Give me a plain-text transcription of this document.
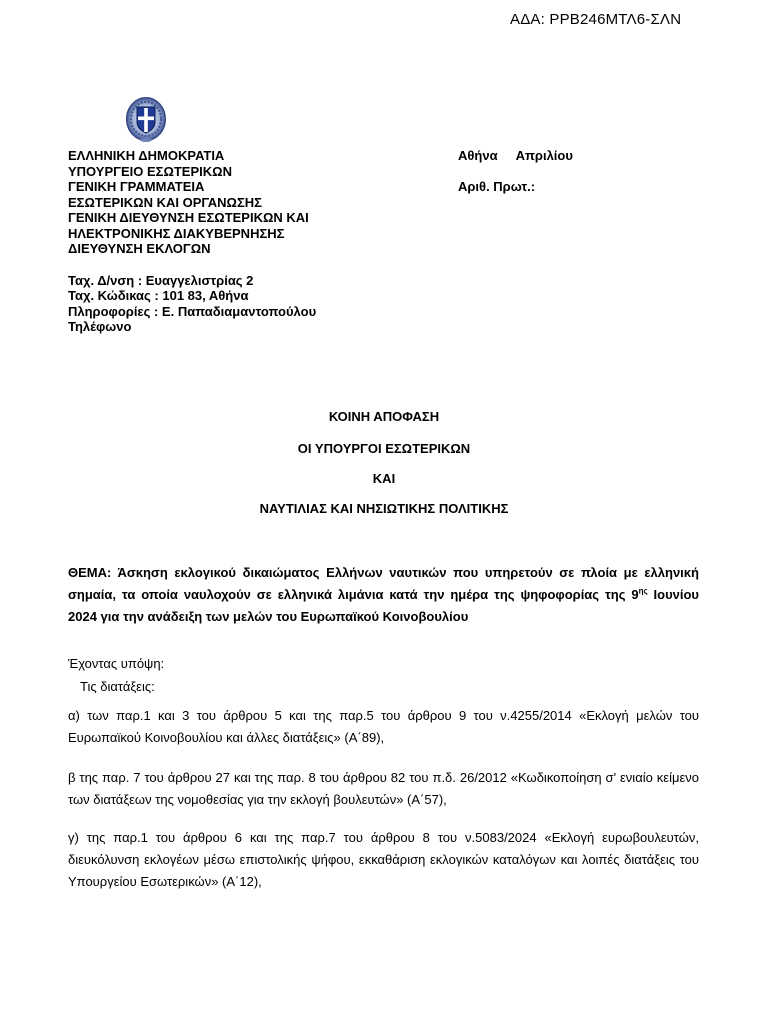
ΑΔΑ: ΡΡΒ246ΜΤΛ6-ΣΛΝ
ΕΛΛΗΝΙΚΗ ΔΗΜΟΚΡΑΤΙΑ
ΥΠΟΥΡΓΕΙΟ ΕΣΩΤΕΡΙΚΩΝ
ΓΕΝΙΚΗ ΓΡΑΜΜΑΤΕΙΑ
ΕΣΩΤΕΡΙΚΩΝ ΚΑΙ ΟΡΓΑΝΩΣΗΣ
ΓΕΝΙΚΗ ΔΙΕΥΘΥΝΣΗ ΕΣΩΤΕΡΙΚΩΝ ΚΑΙ
ΗΛΕΚΤΡΟΝΙΚΗΣ ΔΙΑΚΥΒΕΡΝΗΣΗΣ
ΔΙΕΥΘΥΝΣΗ ΕΚΛΟΓΩΝ
Ταχ. Δ/νση : Ευαγγελιστρίας 2
Ταχ. Κώδικας : 101 83, Αθήνα
Πληροφορίες : Ε. Παπαδιαμαντοπούλου
Τηλέφωνο
Αθήνα Απριλίου
Αριθ. Πρωτ.:
ΚΟΙΝΗ ΑΠΟΦΑΣΗ
ΟΙ ΥΠΟΥΡΓΟΙ ΕΣΩΤΕΡΙΚΩΝ
ΚΑΙ
ΝΑΥΤΙΛΙΑΣ ΚΑΙ ΝΗΣΙΩΤΙΚΗΣ ΠΟΛΙΤΙΚΗΣ
ΘΕΜΑ: Άσκηση εκλογικού δικαιώματος Ελλήνων ναυτικών που υπηρετούν σε πλοία με ελληνική σημαία, τα οποία ναυλοχούν σε ελληνικά λιμάνια κατά την ημέρα της ψηφοφορίας της $9^{\eta\varsigma}$ Ιουνίου 2024 για την ανάδειξη των μελών του Ευρωπαϊκού Κοινοβουλίου
Έχοντας υπόψη:
Τις διατάξεις:
α) των παρ.1 και 3 του άρθρου 5 και της παρ.5 του άρθρου 9 του ν.4255/2014 «Εκλογή μελών του Ευρωπαϊκού Κοινοβουλίου και άλλες διατάξεις» (Α΄89),
β της παρ. 7 του άρθρου 27 και της παρ. 8 του άρθρου 82 του π.δ. 26/2012 «Κωδικοποίηση σ' ενιαίο κείμενο των διατάξεων της νομοθεσίας για την εκλογή βουλευτών» (Α΄57),
γ) της παρ.1 του άρθρου 6 και της παρ.7 του άρθρου 8 του ν.5083/2024 «Εκλογή ευρωβουλευτών, διευκόλυνση εκλογέων μέσω επιστολικής ψήφου, εκκαθάριση εκλογικών καταλόγων και λοιπές διατάξεις του Υπουργείου Εσωτερικών» (Α΄12),
